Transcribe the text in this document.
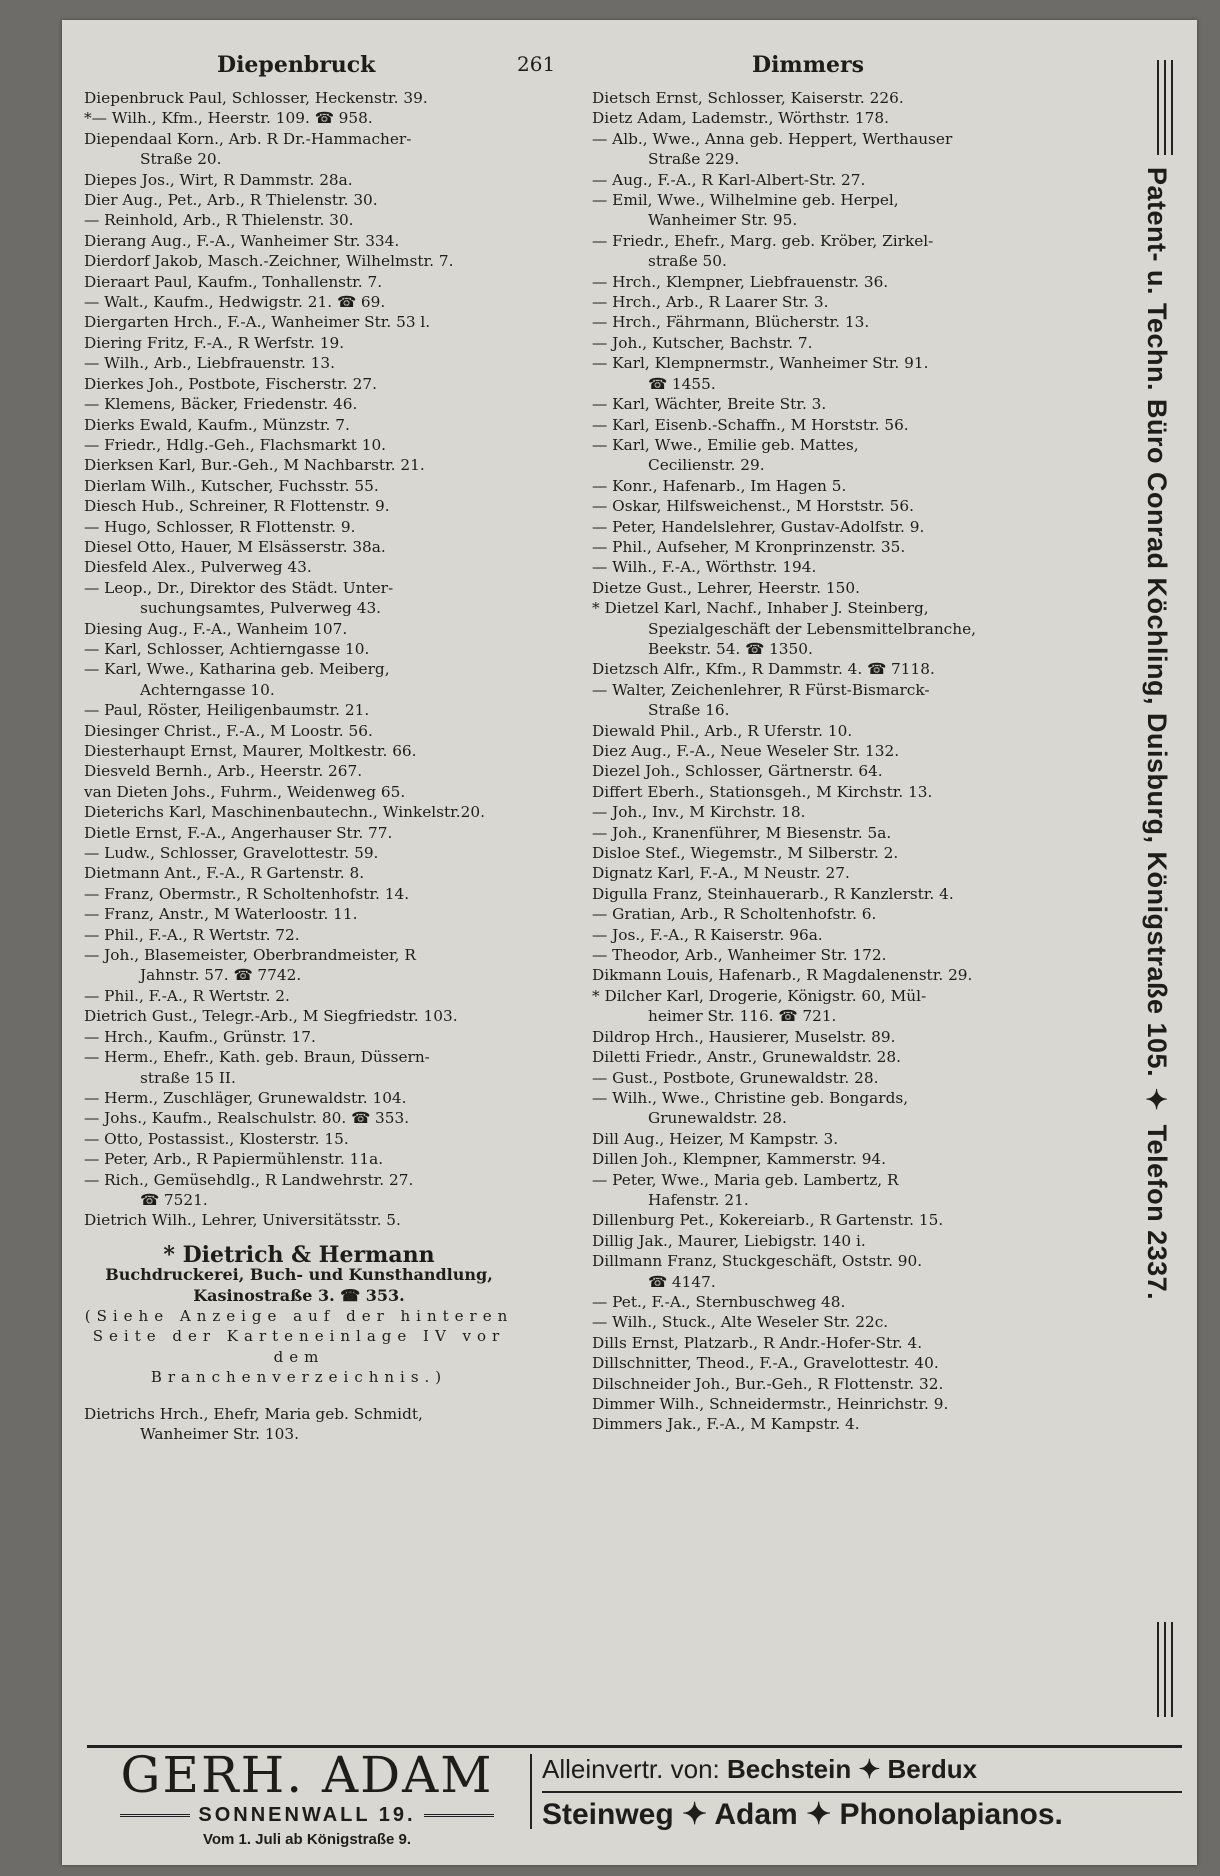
Diepenbruck	261	Dimmers
Diepenbruck Paul, Schlosser, Heckenstr. 39.
*— Wilh., Kfm., Heerstr. 109. ☎ 958.
Diependaal Korn., Arb. R Dr.-Hammacher-
Straße 20.
Diepes Jos., Wirt, R Dammstr. 28a.
Dier Aug., Pet., Arb., R Thielenstr. 30.
— Reinhold, Arb., R Thielenstr. 30.
Dierang Aug., F.-A., Wanheimer Str. 334.
Dierdorf Jakob, Masch.-Zeichner, Wilhelmstr. 7.
Dieraart Paul, Kaufm., Tonhallenstr. 7.
— Walt., Kaufm., Hedwigstr. 21. ☎ 69.
Diergarten Hrch., F.-A., Wanheimer Str. 53 l.
Diering Fritz, F.-A., R Werfstr. 19.
— Wilh., Arb., Liebfrauenstr. 13.
Dierkes Joh., Postbote, Fischerstr. 27.
— Klemens, Bäcker, Friedenstr. 46.
Dierks Ewald, Kaufm., Münzstr. 7.
— Friedr., Hdlg.-Geh., Flachsmarkt 10.
Dierksen Karl, Bur.-Geh., M Nachbarstr. 21.
Dierlam Wilh., Kutscher, Fuchsstr. 55.
Diesch Hub., Schreiner, R Flottenstr. 9.
— Hugo, Schlosser, R Flottenstr. 9.
Diesel Otto, Hauer, M Elsässerstr. 38a.
Diesfeld Alex., Pulverweg 43.
— Leop., Dr., Direktor des Städt. Unter-
suchungsamtes, Pulverweg 43.
Diesing Aug., F.-A., Wanheim 107.
— Karl, Schlosser, Achtierngasse 10.
— Karl, Wwe., Katharina geb. Meiberg,
Achterngasse 10.
— Paul, Röster, Heiligenbaumstr. 21.
Diesinger Christ., F.-A., M Loostr. 56.
Diesterhaupt Ernst, Maurer, Moltkestr. 66.
Diesveld Bernh., Arb., Heerstr. 267.
van Dieten Johs., Fuhrm., Weidenweg 65.
Dieterichs Karl, Maschinenbautechn., Winkelstr.20.
Dietle Ernst, F.-A., Angerhauser Str. 77.
— Ludw., Schlosser, Gravelottestr. 59.
Dietmann Ant., F.-A., R Gartenstr. 8.
— Franz, Obermstr., R Scholtenhofstr. 14.
— Franz, Anstr., M Waterloostr. 11.
— Phil., F.-A., R Wertstr. 72.
— Joh., Blasemeister, Oberbrandmeister, R
Jahnstr. 57. ☎ 7742.
— Phil., F.-A., R Wertstr. 2.
Dietrich Gust., Telegr.-Arb., M Siegfriedstr. 103.
— Hrch., Kaufm., Grünstr. 17.
— Herm., Ehefr., Kath. geb. Braun, Düssern-
straße 15 II.
— Herm., Zuschläger, Grunewaldstr. 104.
— Johs., Kaufm., Realschulstr. 80. ☎ 353.
— Otto, Postassist., Klosterstr. 15.
— Peter, Arb., R Papiermühlenstr. 11a.
— Rich., Gemüsehdlg., R Landwehrstr. 27.
☎ 7521.
Dietrich Wilh., Lehrer, Universitätsstr. 5.
* Dietrich & Hermann
Buchdruckerei, Buch- und Kunsthandlung,
Kasinostraße 3. ☎ 353.
(Siehe Anzeige auf der hinteren
Seite der Karteneinlage IV vor dem
Branchenverzeichnis.)
Dietrichs Hrch., Ehefr, Maria geb. Schmidt,
Wanheimer Str. 103.
Dietsch Ernst, Schlosser, Kaiserstr. 226.
Dietz Adam, Lademstr., Wörthstr. 178.
— Alb., Wwe., Anna geb. Heppert, Werthauser
Straße 229.
— Aug., F.-A., R Karl-Albert-Str. 27.
— Emil, Wwe., Wilhelmine geb. Herpel,
Wanheimer Str. 95.
— Friedr., Ehefr., Marg. geb. Kröber, Zirkel-
straße 50.
— Hrch., Klempner, Liebfrauenstr. 36.
— Hrch., Arb., R Laarer Str. 3.
— Hrch., Fährmann, Blücherstr. 13.
— Joh., Kutscher, Bachstr. 7.
— Karl, Klempnermstr., Wanheimer Str. 91.
☎ 1455.
— Karl, Wächter, Breite Str. 3.
— Karl, Eisenb.-Schaffn., M Horststr. 56.
— Karl, Wwe., Emilie geb. Mattes,
Cecilienstr. 29.
— Konr., Hafenarb., Im Hagen 5.
— Oskar, Hilfsweichenst., M Horststr. 56.
— Peter, Handelslehrer, Gustav-Adolfstr. 9.
— Phil., Aufseher, M Kronprinzenstr. 35.
— Wilh., F.-A., Wörthstr. 194.
Dietze Gust., Lehrer, Heerstr. 150.
* Dietzel Karl, Nachf., Inhaber J. Steinberg,
Spezialgeschäft der Lebensmittelbranche,
Beekstr. 54. ☎ 1350.
Dietzsch Alfr., Kfm., R Dammstr. 4. ☎ 7118.
— Walter, Zeichenlehrer, R Fürst-Bismarck-
Straße 16.
Diewald Phil., Arb., R Uferstr. 10.
Diez Aug., F.-A., Neue Weseler Str. 132.
Diezel Joh., Schlosser, Gärtnerstr. 64.
Differt Eberh., Stationsgeh., M Kirchstr. 13.
— Joh., Inv., M Kirchstr. 18.
— Joh., Kranenführer, M Biesenstr. 5a.
Disloe Stef., Wiegemstr., M Silberstr. 2.
Dignatz Karl, F.-A., M Neustr. 27.
Digulla Franz, Steinhauerarb., R Kanzlerstr. 4.
— Gratian, Arb., R Scholtenhofstr. 6.
— Jos., F.-A., R Kaiserstr. 96a.
— Theodor, Arb., Wanheimer Str. 172.
Dikmann Louis, Hafenarb., R Magdalenenstr. 29.
* Dilcher Karl, Drogerie, Königstr. 60, Mül-
heimer Str. 116. ☎ 721.
Dildrop Hrch., Hausierer, Muselstr. 89.
Diletti Friedr., Anstr., Grunewaldstr. 28.
— Gust., Postbote, Grunewaldstr. 28.
— Wilh., Wwe., Christine geb. Bongards,
Grunewaldstr. 28.
Dill Aug., Heizer, M Kampstr. 3.
Dillen Joh., Klempner, Kammerstr. 94.
— Peter, Wwe., Maria geb. Lambertz, R
Hafenstr. 21.
Dillenburg Pet., Kokereiarb., R Gartenstr. 15.
Dillig Jak., Maurer, Liebigstr. 140 i.
Dillmann Franz, Stuckgeschäft, Oststr. 90.
☎ 4147.
— Pet., F.-A., Sternbuschweg 48.
— Wilh., Stuck., Alte Weseler Str. 22c.
Dills Ernst, Platzarb., R Andr.-Hofer-Str. 4.
Dillschnitter, Theod., F.-A., Gravelottestr. 40.
Dilschneider Joh., Bur.-Geh., R Flottenstr. 32.
Dimmer Wilh., Schneidermstr., Heinrichstr. 9.
Dimmers Jak., F.-A., M Kampstr. 4.
Patent- u. Techn. Büro Conrad Köchling, Duisburg, Königstraße 105. ✦ Telefon 2337.
GERH. ADAM
SONNENWALL 19.
Vom 1. Juli ab Königstraße 9.
Alleinvertr. von: Bechstein ✦ Berdux
Steinweg ✦ Adam ✦ Phonolapianos.
